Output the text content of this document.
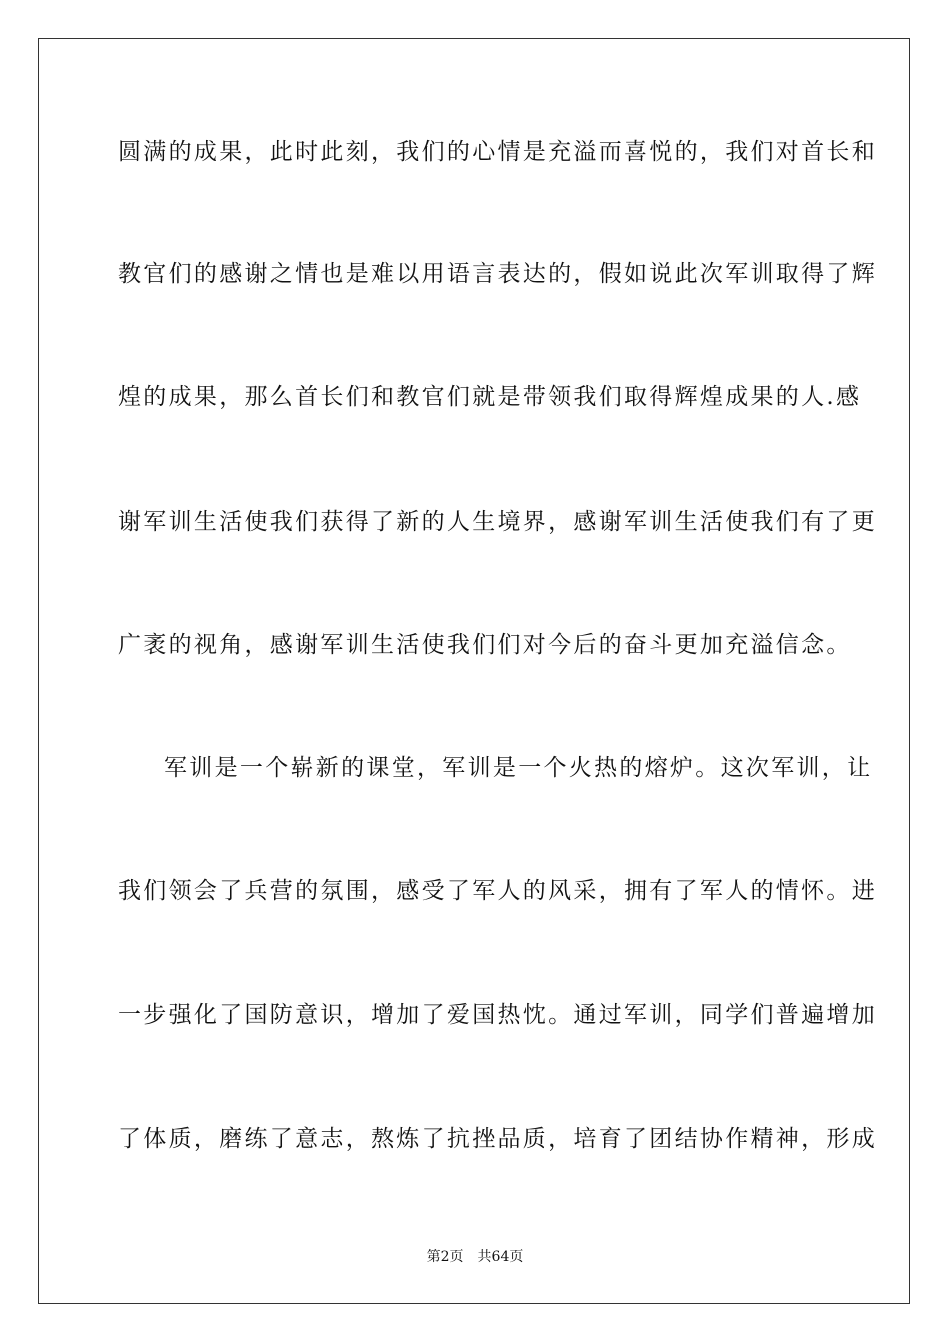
圆满的成果，此时此刻，我们的心情是充溢而喜悦的，我们对首长和
教官们的感谢之情也是难以用语言表达的，假如说此次军训取得了辉
煌的成果，那么首长们和教官们就是带领我们取得辉煌成果的人.感
谢军训生活使我们获得了新的人生境界，感谢军训生活使我们有了更
广袤的视角，感谢军训生活使我们们对今后的奋斗更加充溢信念。
军训是一个崭新的课堂，军训是一个火热的熔炉。这次军训，让
我们领会了兵营的氛围，感受了军人的风采，拥有了军人的情怀。进
一步强化了国防意识，增加了爱国热忱。通过军训，同学们普遍增加
了体质，磨练了意志，熬炼了抗挫品质，培育了团结协作精神，形成
第2页 共64页
